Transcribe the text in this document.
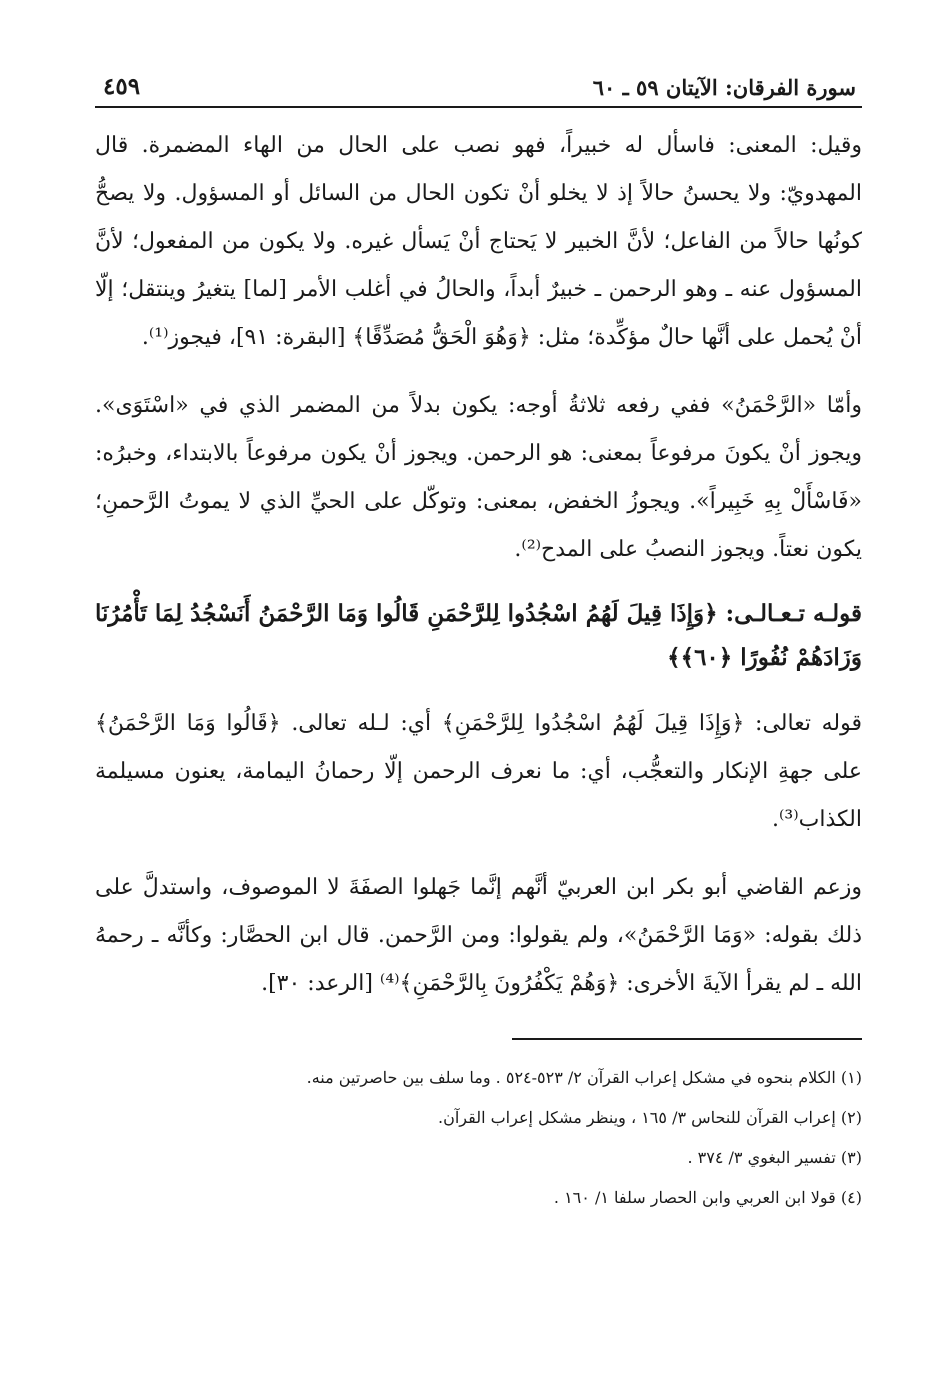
سورة الفرقان: الآيتان ٥٩ ـ ٦٠
٤٥٩

وقيل: المعنى: فاسأل له خبيراً، فهو نصب على الحال من الهاء المضمرة. قال المهدويّ: ولا يحسنُ حالاً إذ لا يخلو أنْ تكون الحال من السائل أو المسؤول. ولا يصحُّ كونُها حالاً من الفاعل؛ لأنَّ الخبير لا يَحتاج أنْ يَسأل غيره. ولا يكون من المفعول؛ لأنَّ المسؤول عنه ـ وهو الرحمن ـ خبيرٌ أبداً، والحالُ في أغلب الأمر [لما] يتغيرُ وينتقل؛ إلّا أنْ يُحمل على أنَّها حالٌ مؤكِّدة؛ مثل: ﴿وَهُوَ الْحَقُّ مُصَدِّقًا﴾ [البقرة: ٩١]، فيجوز⁽¹⁾.

وأمّا «الرَّحْمَنُ» ففي رفعه ثلاثةُ أوجه: يكون بدلاً من المضمر الذي في «اسْتَوَى». ويجوز أنْ يكونَ مرفوعاً بمعنى: هو الرحمن. ويجوز أنْ يكون مرفوعاً بالابتداء، وخبرُه: «فَاسْأَلْ بِهِ خَبِيراً». ويجوزُ الخفض، بمعنى: وتوكّل على الحيِّ الذي لا يموتُ الرَّحمنِ؛ يكون نعتاً. ويجوز النصبُ على المدح⁽²⁾.

قولـه تـعـالـى: ﴿وَإِذَا قِيلَ لَهُمُ اسْجُدُوا لِلرَّحْمَنِ قَالُوا وَمَا الرَّحْمَنُ أَنَسْجُدُ لِمَا تَأْمُرُنَا وَزَادَهُمْ نُفُورًا ﴿٦٠﴾﴾

قوله تعالى: ﴿وَإِذَا قِيلَ لَهُمُ اسْجُدُوا لِلرَّحْمَنِ﴾ أي: لـله تعالى. ﴿قَالُوا وَمَا الرَّحْمَنُ﴾ على جهةِ الإنكار والتعجُّب، أي: ما نعرف الرحمن إلّا رحمانُ اليمامة، يعنون مسيلمة الكذاب⁽³⁾.

وزعم القاضي أبو بكر ابن العربيّ أنَّهم إنَّما جَهلوا الصفَةَ لا الموصوف، واستدلَّ على ذلك بقوله: «وَمَا الرَّحْمَنُ»، ولم يقولوا: ومن الرَّحمن. قال ابن الحصَّار: وكأنَّه ـ رحمهُ الله ـ لم يقرأ الآيةَ الأخرى: ﴿وَهُمْ يَكْفُرُونَ بِالرَّحْمَنِ﴾⁽⁴⁾ [الرعد: ٣٠].

(١) الكلام بنحوه في مشكل إعراب القرآن ٢/ ٥٢٣-٥٢٤ . وما سلف بين حاصرتين منه.
(٢) إعراب القرآن للنحاس ٣/ ١٦٥ ، وينظر مشكل إعراب القرآن.
(٣) تفسير البغوي ٣/ ٣٧٤ .
(٤) قولا ابن العربي وابن الحصار سلفا ١/ ١٦٠ .
